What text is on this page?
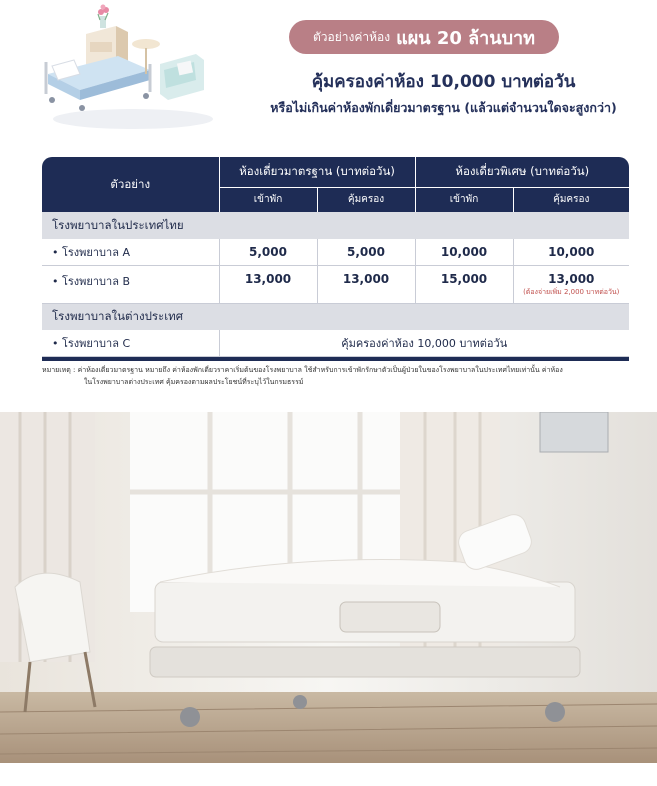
ตัวอย่างค่าห้อง แผน 20 ล้านบาท
คุ้มครองค่าห้อง 10,000 บาทต่อวัน
หรือไม่เกินค่าห้องพักเดี่ยวมาตรฐาน (แล้วแต่จำนวนใดจะสูงกว่า)
ตัวอย่าง	ห้องเดี่ยวมาตรฐาน (บาทต่อวัน)		ห้องเดี่ยวพิเศษ (บาทต่อวัน)	
	เข้าพัก	คุ้มครอง	เข้าพัก	คุ้มครอง
โรงพยาบาลในประเทศไทย				
• โรงพยาบาล A	5,000	5,000	10,000	10,000
• โรงพยาบาล B	13,000	13,000	15,000	13,000
(ต้องจ่ายเพิ่ม 2,000 บาทต่อวัน)

โรงพยาบาลในต่างประเทศ				
• โรงพยาบาล C	คุ้มครองค่าห้อง 10,000 บาทต่อวัน			
หมายเหตุ : ค่าห้องเดี่ยวมาตรฐาน หมายถึง ค่าห้องพักเดี่ยวราคาเริ่มต้นของโรงพยาบาล ใช้สำหรับการเข้าพักรักษาตัวเป็นผู้ป่วยในของโรงพยาบาลในประเทศไทยเท่านั้น ค่าห้อง
ในโรงพยาบาลต่างประเทศ คุ้มครองตามผลประโยชน์ที่ระบุไว้ในกรมธรรม์
